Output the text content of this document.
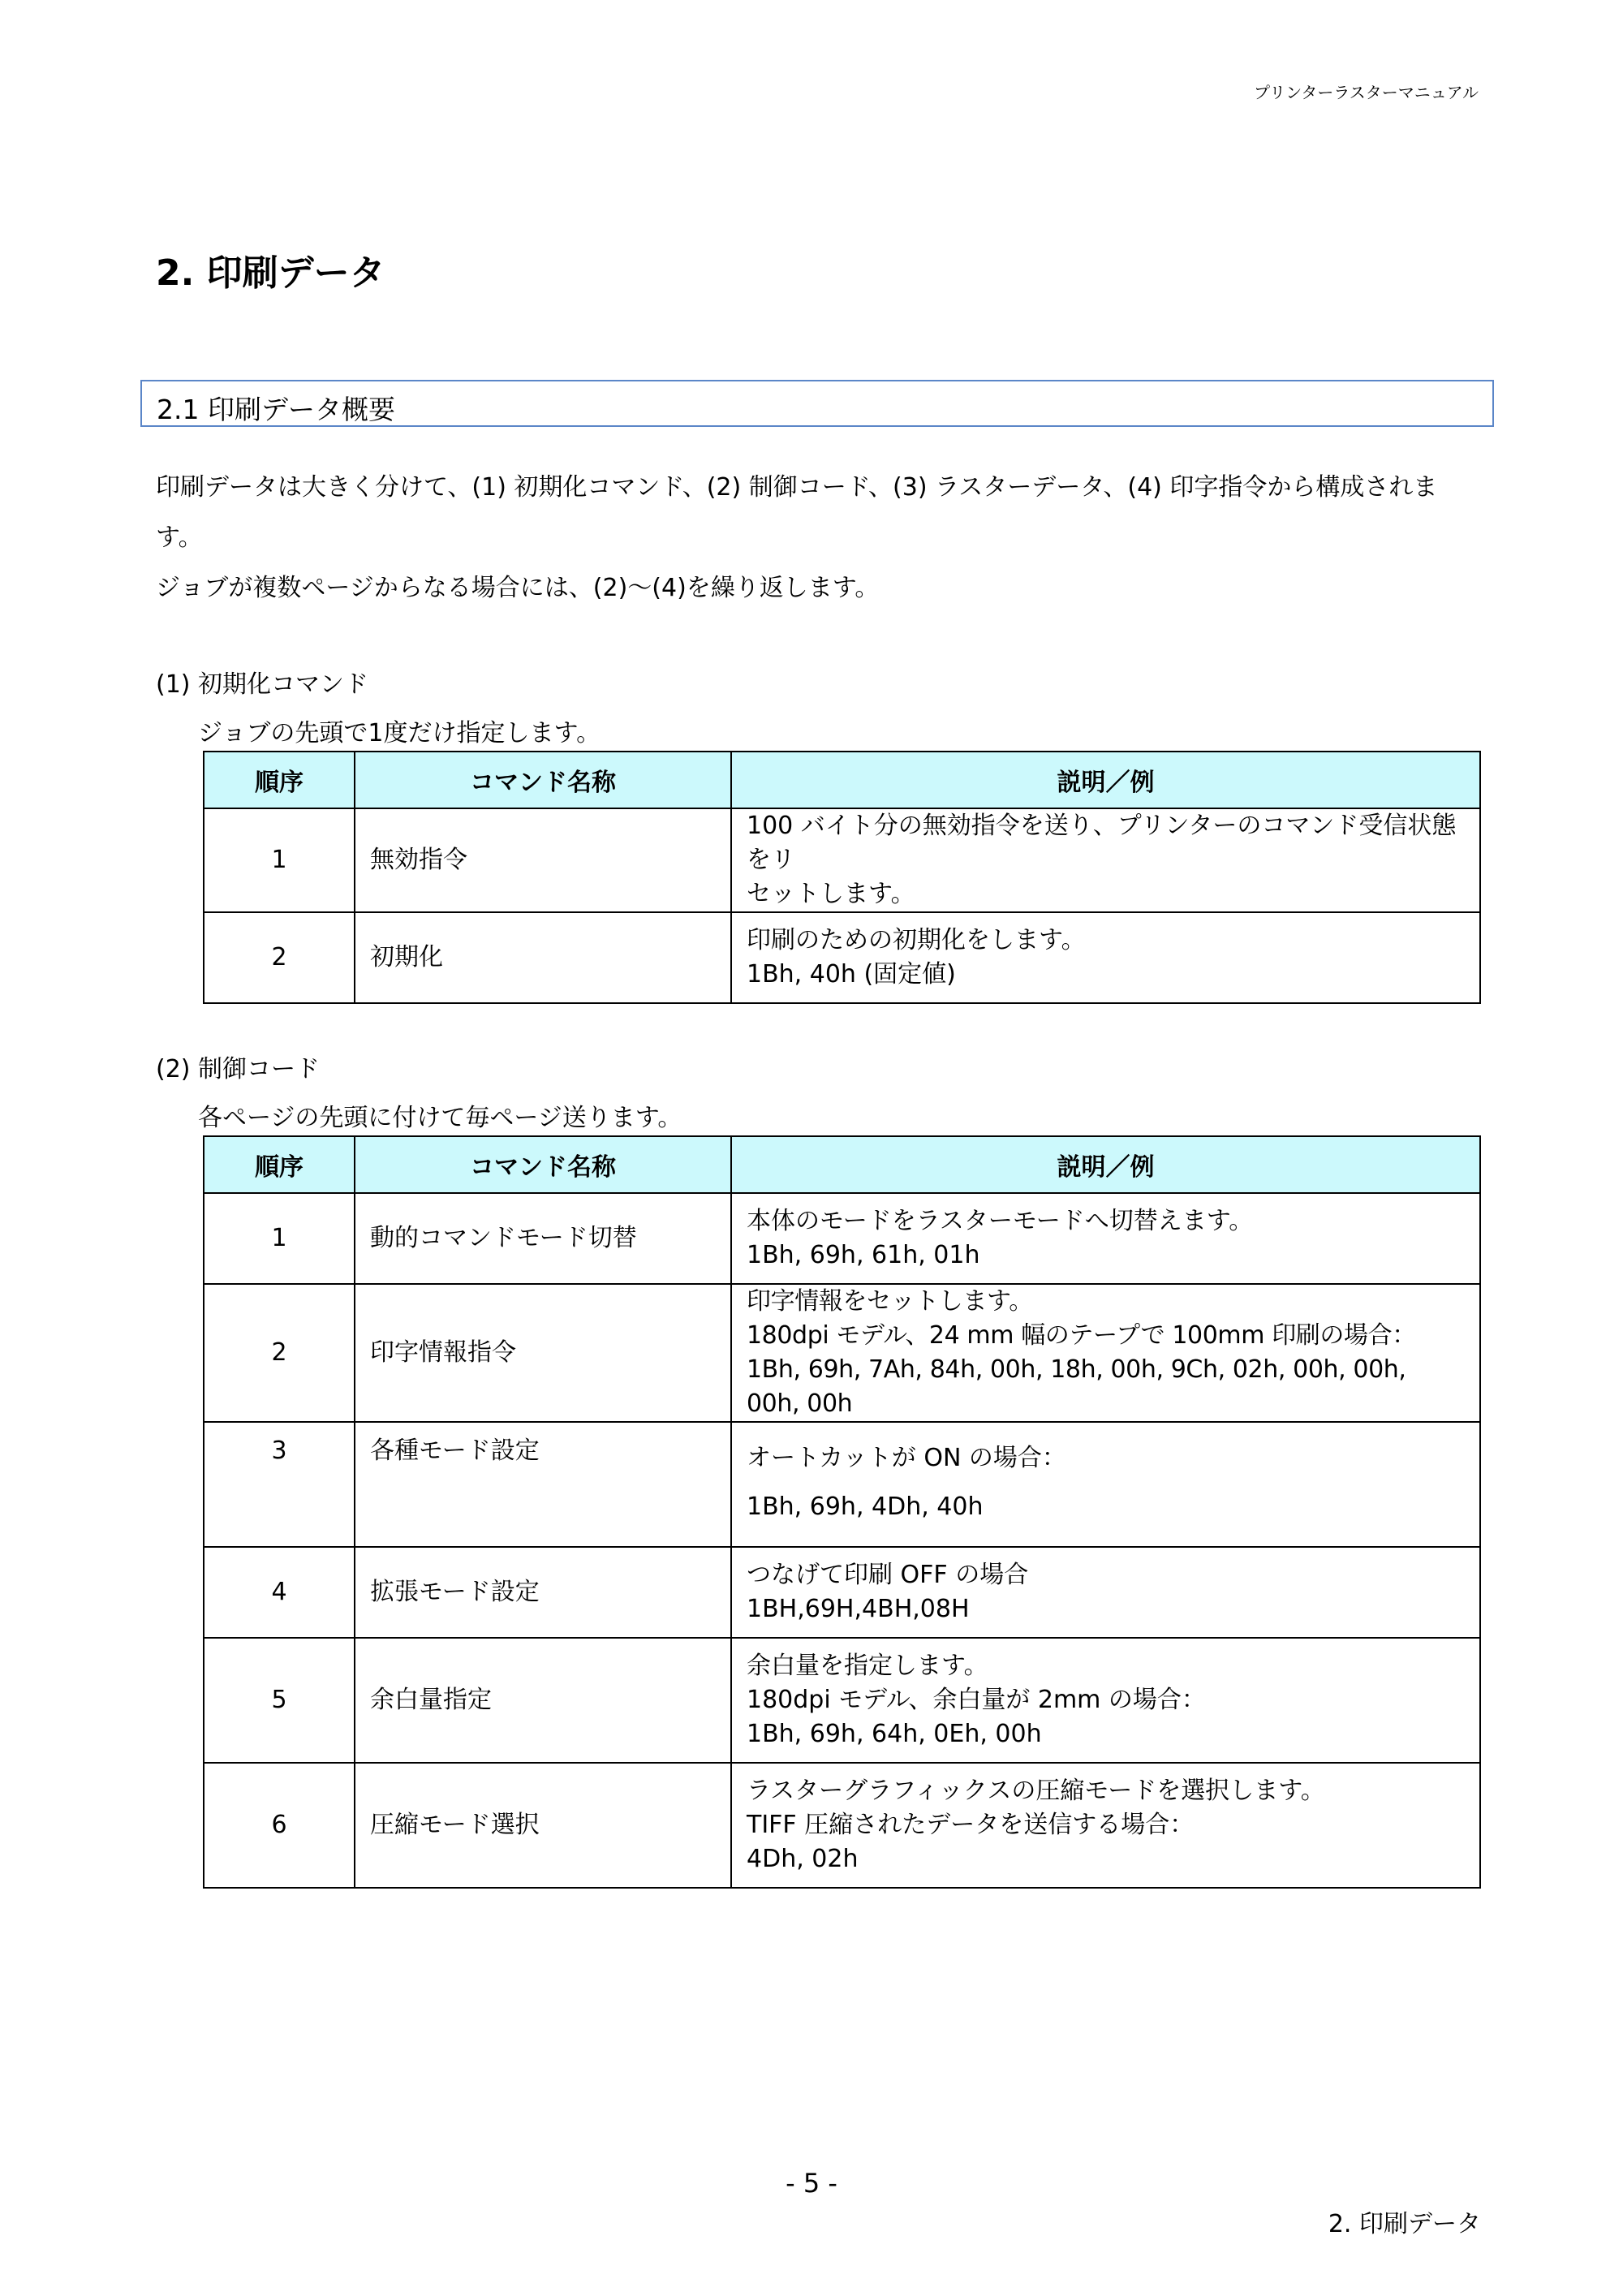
プリンターラスターマニュアル
2. 印刷データ
2.1 印刷データ概要

印刷データは大きく分けて、(1) 初期化コマンド、(2) 制御コード、(3) ラスターデータ、(4) 印字指令から構成されま

す。

ジョブが複数ページからなる場合には、(2)～(4)を繰り返します。

(1) 初期化コマンド

ジョブの先頭で1度だけ指定します。

順序	コマンド名称	説明／例
1	無効指令	100 バイト分の無効指令を送り、プリンターのコマンド受信状態をリ
セットします。

2	初期化	印刷のための初期化をします。
1Bh, 40h (固定値)
(2) 制御コード

各ページの先頭に付けて毎ページ送ります。

順序	コマンド名称	説明／例
1	動的コマンドモード切替	本体のモードをラスターモードへ切替えます。
1Bh, 69h, 61h, 01h

2	印字情報指令	印字情報をセットします。
180dpi モデル、24 mm 幅のテープで 100mm 印刷の場合：
1Bh, 69h, 7Ah, 84h, 00h, 18h, 00h, 9Ch, 02h, 00h, 00h, 00h, 00h

3	各種モード設定	オートカットが ON の場合：
1Bh, 69h, 4Dh, 40h

4	拡張モード設定	つなげて印刷 OFF の場合
1BH,69H,4BH,08H

5	余白量指定	余白量を指定します。
180dpi モデル、余白量が 2mm の場合：
1Bh, 69h, 64h, 0Eh, 00h

6	圧縮モード選択	ラスターグラフィックスの圧縮モードを選択します。
TIFF 圧縮されたデータを送信する場合：
4Dh, 02h
- 5 -
2. 印刷データ
